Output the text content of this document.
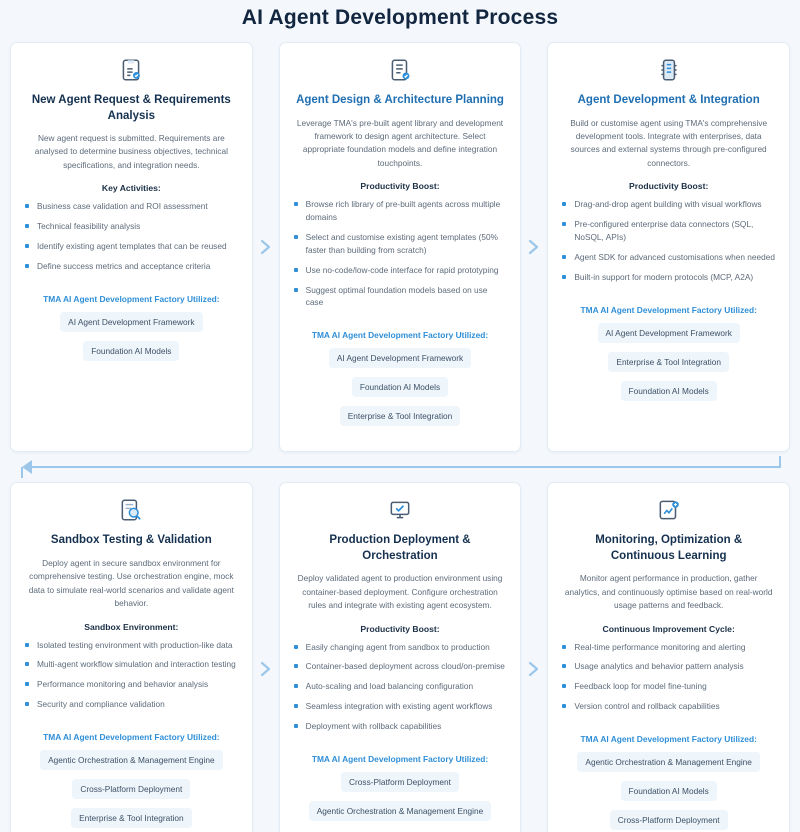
AI Agent Development Process
New Agent Request & Requirements Analysis
New agent request is submitted. Requirements are analysed to determine business objectives, technical specifications, and integration needs.
Key Activities:
Business case validation and ROI assessment
Technical feasibility analysis
Identify existing agent templates that can be reused
Define success metrics and acceptance criteria
TMA AI Agent Development Factory Utilized:
AI Agent Development Framework
Foundation AI Models
Agent Design & Architecture Planning
Leverage TMA's pre-built agent library and development framework to design agent architecture. Select appropriate foundation models and define integration touchpoints.
Productivity Boost:
Browse rich library of pre-built agents across multiple domains
Select and customise existing agent templates (50% faster than building from scratch)
Use no-code/low-code interface for rapid prototyping
Suggest optimal foundation models based on use case
TMA AI Agent Development Factory Utilized:
AI Agent Development Framework
Foundation AI Models
Enterprise & Tool Integration
Agent Development & Integration
Build or customise agent using TMA's comprehensive development tools. Integrate with enterprises, data sources and external systems through pre-configured connectors.
Productivity Boost:
Drag-and-drop agent building with visual workflows
Pre-configured enterprise data connectors (SQL, NoSQL, APIs)
Agent SDK for advanced customisations when needed
Built-in support for modern protocols (MCP, A2A)
TMA AI Agent Development Factory Utilized:
AI Agent Development Framework
Enterprise & Tool Integration
Foundation AI Models
Sandbox Testing & Validation
Deploy agent in secure sandbox environment for comprehensive testing. Use orchestration engine, mock data to simulate real-world scenarios and validate agent behavior.
Sandbox Environment:
Isolated testing environment with production-like data
Multi-agent workflow simulation and interaction testing
Performance monitoring and behavior analysis
Security and compliance validation
TMA AI Agent Development Factory Utilized:
Agentic Orchestration & Management Engine
Cross-Platform Deployment
Enterprise & Tool Integration
Production Deployment & Orchestration
Deploy validated agent to production environment using container-based deployment. Configure orchestration rules and integrate with existing agent ecosystem.
Productivity Boost:
Easily changing agent from sandbox to production
Container-based deployment across cloud/on-premise
Auto-scaling and load balancing configuration
Seamless integration with existing agent workflows
Deployment with rollback capabilities
TMA AI Agent Development Factory Utilized:
Cross-Platform Deployment
Agentic Orchestration & Management Engine
Monitoring, Optimization & Continuous Learning
Monitor agent performance in production, gather analytics, and continuously optimise based on real-world usage patterns and feedback.
Continuous Improvement Cycle:
Real-time performance monitoring and alerting
Usage analytics and behavior pattern analysis
Feedback loop for model fine-tuning
Version control and rollback capabilities
TMA AI Agent Development Factory Utilized:
Agentic Orchestration & Management Engine
Foundation AI Models
Cross-Platform Deployment
